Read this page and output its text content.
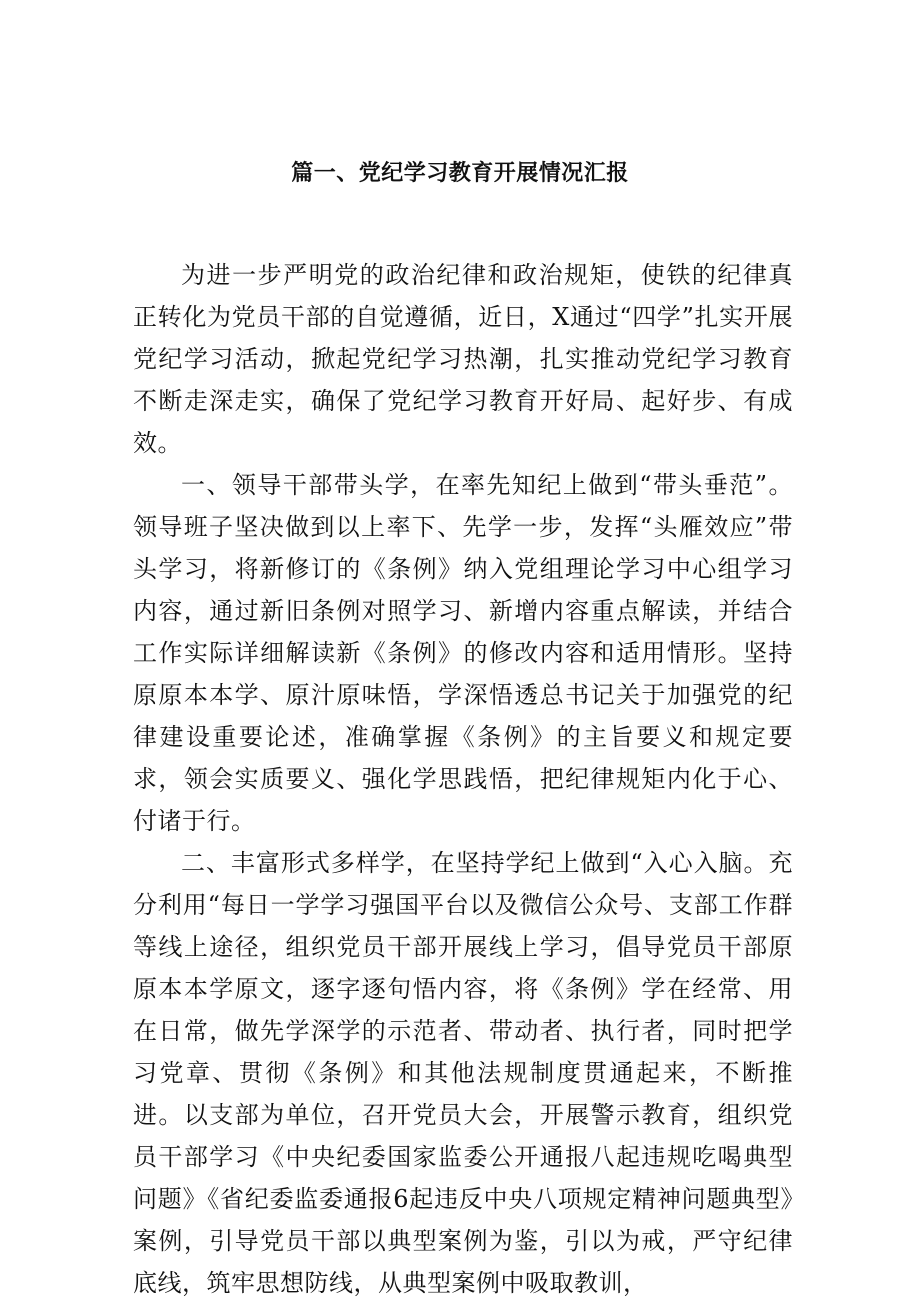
篇一、党纪学习教育开展情况汇报

为进一步严明党的政治纪律和政治规矩，使铁的纪律真正转化为党员干部的自觉遵循，近日，X通过“四学”扎实开展党纪学习活动，掀起党纪学习热潮，扎实推动党纪学习教育不断走深走实，确保了党纪学习教育开好局、起好步、有成效。

一、领导干部带头学，在率先知纪上做到“带头垂范”。领导班子坚决做到以上率下、先学一步，发挥“头雁效应”带头学习，将新修订的《条例》纳入党组理论学习中心组学习内容，通过新旧条例对照学习、新增内容重点解读，并结合工作实际详细解读新《条例》的修改内容和适用情形。坚持原原本本学、原汁原味悟，学深悟透总书记关于加强党的纪律建设重要论述，准确掌握《条例》的主旨要义和规定要求，领会实质要义、强化学思践悟，把纪律规矩内化于心、付诸于行。

二、丰富形式多样学，在坚持学纪上做到“入心入脑。充分利用“每日一学学习强国平台以及微信公众号、支部工作群等线上途径，组织党员干部开展线上学习，倡导党员干部原原本本学原文，逐字逐句悟内容，将《条例》学在经常、用在日常，做先学深学的示范者、带动者、执行者，同时把学习党章、贯彻《条例》和其他法规制度贯通起来，不断推进。以支部为单位，召开党员大会，开展警示教育，组织党员干部学习《中央纪委国家监委公开通报八起违规吃喝典型问题》《省纪委监委通报6起违反中央八项规定精神问题典型》案例，引导党员干部以典型案例为鉴，引以为戒，严守纪律底线，筑牢思想防线，从典型案例中吸取教训，
